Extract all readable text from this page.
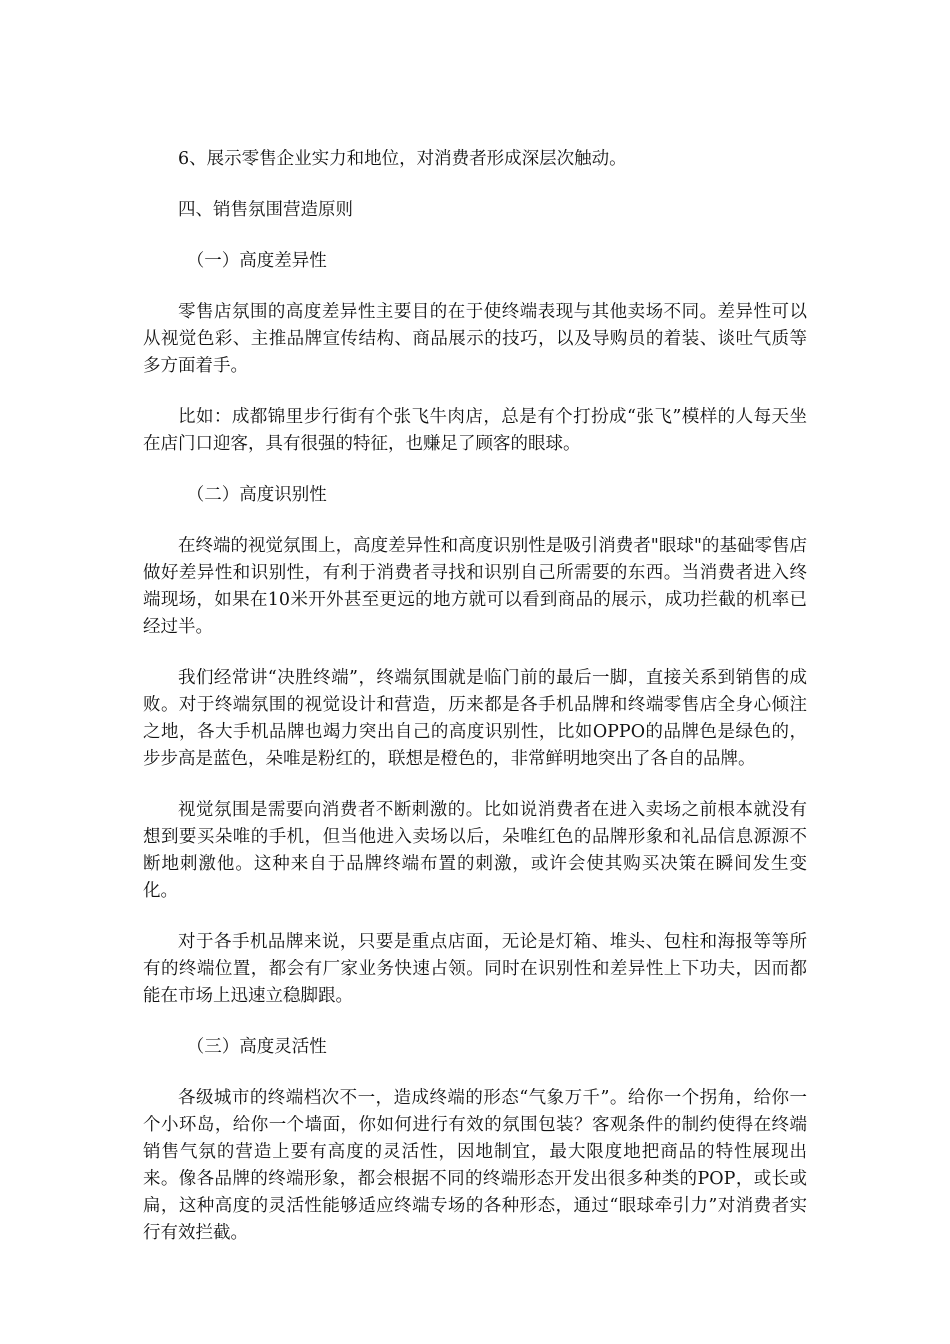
6、展示零售企业实力和地位，对消费者形成深层次触动。

四、销售氛围营造原则

（一）高度差异性

零售店氛围的高度差异性主要目的在于使终端表现与其他卖场不同。差异性可以从视觉色彩、主推品牌宣传结构、商品展示的技巧，以及导购员的着装、谈吐气质等多方面着手。

比如：成都锦里步行街有个张飞牛肉店，总是有个打扮成“张飞”模样的人每天坐在店门口迎客，具有很强的特征，也赚足了顾客的眼球。

（二）高度识别性

在终端的视觉氛围上，高度差异性和高度识别性是吸引消费者"眼球"的基础零售店做好差异性和识别性，有利于消费者寻找和识别自己所需要的东西。当消费者进入终端现场，如果在10米开外甚至更远的地方就可以看到商品的展示，成功拦截的机率已经过半。

我们经常讲“决胜终端”，终端氛围就是临门前的最后一脚，直接关系到销售的成败。对于终端氛围的视觉设计和营造，历来都是各手机品牌和终端零售店全身心倾注之地，各大手机品牌也竭力突出自己的高度识别性，比如OPPO的品牌色是绿色的，步步高是蓝色，朵唯是粉红的，联想是橙色的，非常鲜明地突出了各自的品牌。

视觉氛围是需要向消费者不断刺激的。比如说消费者在进入卖场之前根本就没有想到要买朵唯的手机，但当他进入卖场以后，朵唯红色的品牌形象和礼品信息源源不断地刺激他。这种来自于品牌终端布置的刺激，或许会使其购买决策在瞬间发生变化。

对于各手机品牌来说，只要是重点店面，无论是灯箱、堆头、包柱和海报等等所有的终端位置，都会有厂家业务快速占领。同时在识别性和差异性上下功夫，因而都能在市场上迅速立稳脚跟。

（三）高度灵活性

各级城市的终端档次不一，造成终端的形态“气象万千”。给你一个拐角，给你一个小环岛，给你一个墙面，你如何进行有效的氛围包装？客观条件的制约使得在终端销售气氛的营造上要有高度的灵活性，因地制宜，最大限度地把商品的特性展现出来。像各品牌的终端形象，都会根据不同的终端形态开发出很多种类的POP，或长或扁，这种高度的灵活性能够适应终端专场的各种形态，通过“眼球牵引力”对消费者实行有效拦截。
